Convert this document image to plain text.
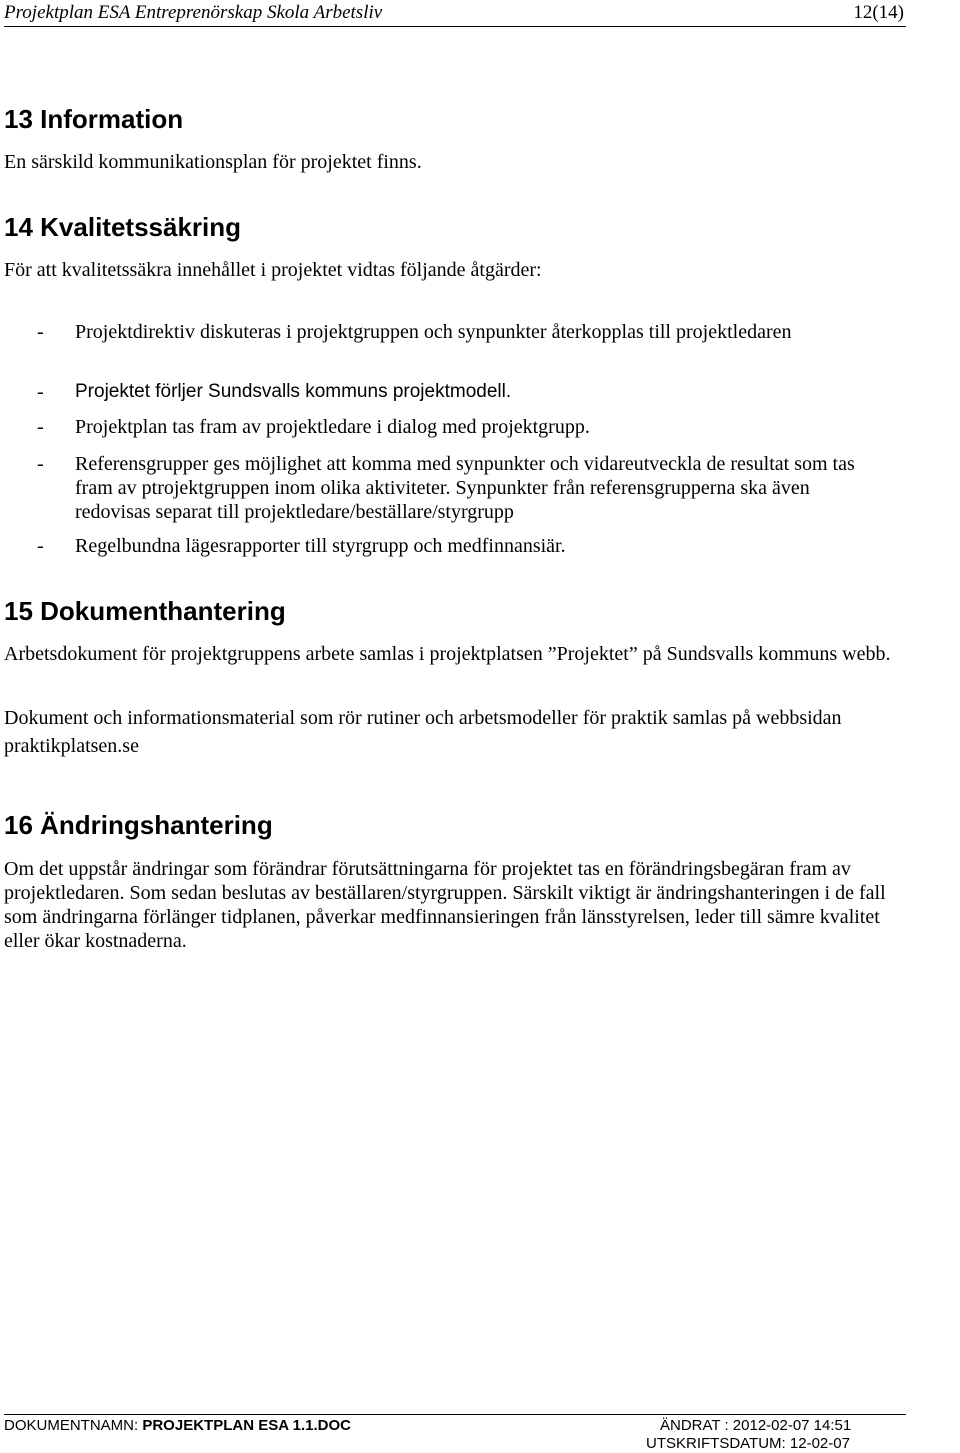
Projektplan ESA Entreprenörskap Skola Arbetsliv	12(14)
13 Information

En särskild kommunikationsplan för projektet finns.

14 Kvalitetssäkring

För att kvalitetssäkra innehållet i projektet vidtas följande åtgärder:

- Projektdirektiv diskuteras i projektgruppen och synpunkter återkopplas till projektledaren
- Projektet förljer Sundsvalls kommuns projektmodell.
- Projektplan tas fram av projektledare i dialog med projektgrupp.
- Referensgrupper ges möjlighet att komma med synpunkter och vidareutveckla de resultat som tas fram av ptrojektgruppen inom olika aktiviteter. Synpunkter från referensgrupperna ska även redovisas separat till projektledare/beställare/styrgrupp
- Regelbundna lägesrapporter till styrgrupp och medfinnansiär.
15 Dokumenthantering

Arbetsdokument för projektgruppens arbete samlas i projektplatsen ”Projektet” på Sundsvalls kommuns webb.

Dokument och informationsmaterial som rör rutiner och arbetsmodeller för praktik samlas på webbsidan praktikplatsen.se

16 Ändringshantering

Om det uppstår ändringar som förändrar förutsättningarna för projektet tas en förändringsbegäran fram av projektledaren. Som sedan beslutas av beställaren/styrgruppen. Särskilt viktigt är ändringshanteringen i de fall som ändringarna förlänger tidplanen, påverkar medfinnansieringen från länsstyrelsen, leder till sämre kvalitet eller ökar kostnaderna.

DOKUMENTNAMN: PROJEKTPLAN ESA 1.1.DOC	ÄNDRAT : 2012-02-07 14:51
UTSKRIFTSDATUM: 12-02-07
